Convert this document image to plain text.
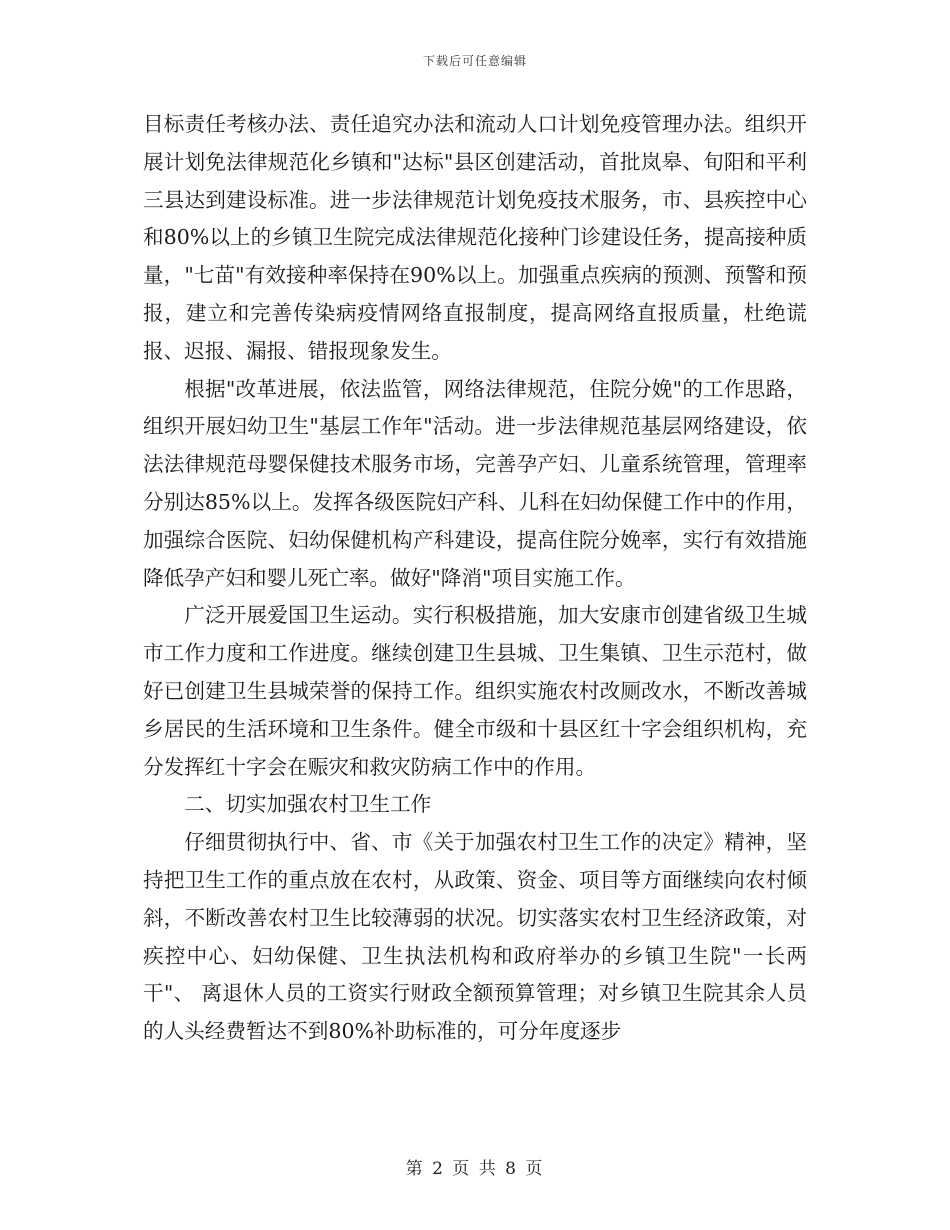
下载后可任意编辑

目标责任考核办法、责任追究办法和流动人口计划免疫管理办法。组织开展计划免法律规范化乡镇和"达标"县区创建活动，首批岚皋、旬阳和平利三县达到建设标准。进一步法律规范计划免疫技术服务，市、县疾控中心和80%以上的乡镇卫生院完成法律规范化接种门诊建设任务，提高接种质量，"七苗"有效接种率保持在90%以上。加强重点疾病的预测、预警和预报，建立和完善传染病疫情网络直报制度，提高网络直报质量，杜绝谎报、迟报、漏报、错报现象发生。

根据"改革进展，依法监管，网络法律规范，住院分娩"的工作思路，组织开展妇幼卫生"基层工作年"活动。进一步法律规范基层网络建设，依法法律规范母婴保健技术服务市场，完善孕产妇、儿童系统管理，管理率分别达85%以上。发挥各级医院妇产科、儿科在妇幼保健工作中的作用，加强综合医院、妇幼保健机构产科建设，提高住院分娩率，实行有效措施降低孕产妇和婴儿死亡率。做好"降消"项目实施工作。

广泛开展爱国卫生运动。实行积极措施，加大安康市创建省级卫生城市工作力度和工作进度。继续创建卫生县城、卫生集镇、卫生示范村，做好已创建卫生县城荣誉的保持工作。组织实施农村改厕改水，不断改善城乡居民的生活环境和卫生条件。健全市级和十县区红十字会组织机构，充分发挥红十字会在赈灾和救灾防病工作中的作用。

二、切实加强农村卫生工作

仔细贯彻执行中、省、市《关于加强农村卫生工作的决定》精神，坚持把卫生工作的重点放在农村，从政策、资金、项目等方面继续向农村倾斜，不断改善农村卫生比较薄弱的状况。切实落实农村卫生经济政策，对疾控中心、妇幼保健、卫生执法机构和政府举办的乡镇卫生院"一长两干"、 离退休人员的工资实行财政全额预算管理；对乡镇卫生院其余人员的人头经费暂达不到80%补助标准的，可分年度逐步

第 2 页 共 8 页
